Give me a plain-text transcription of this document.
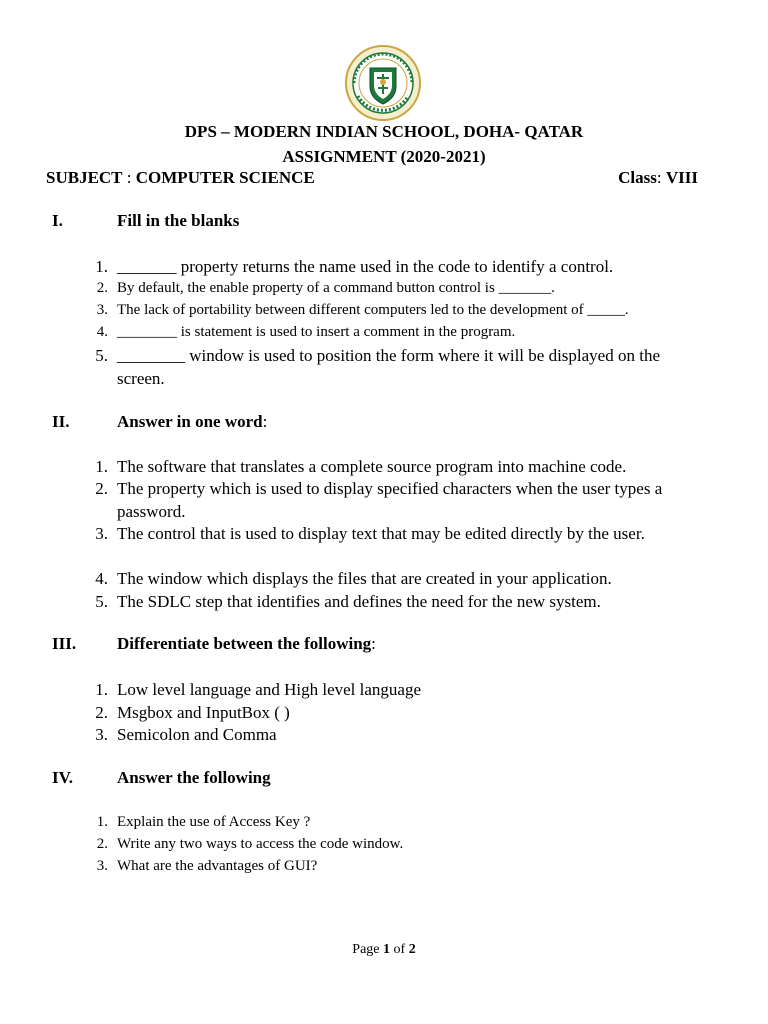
DPS – MODERN INDIAN SCHOOL, DOHA- QATAR
ASSIGNMENT (2020-2021)
SUBJECT : COMPUTER SCIENCE	Class: VIII
I.	Fill in the blanks
1. _______ property returns the name used in the code to identify a control.
2. By default, the enable property of a command button control is _______.
3. The lack of portability between different computers led to the development of _____.
4. ________ is statement is used to insert a comment in the program.
5. ________ window is used to position the form where it will be displayed on the screen.
II.	Answer in one word:
1. The software that translates a complete source program into machine code.
2. The property which is used to display specified characters when the user types a password.
3. The control that is used to display text that may be edited directly by the user.
4. The window which displays the files that are created in your application.
5. The SDLC step that identifies and defines the need for the new system.
III. Differentiate between the following:
1. Low level language and High level language
2. Msgbox and InputBox ( )
3. Semicolon and Comma
IV.	Answer the following
1. Explain the use of Access Key ?
2. Write any two ways to access the code window.
3. What are the advantages of GUI?
Page 1 of 2
